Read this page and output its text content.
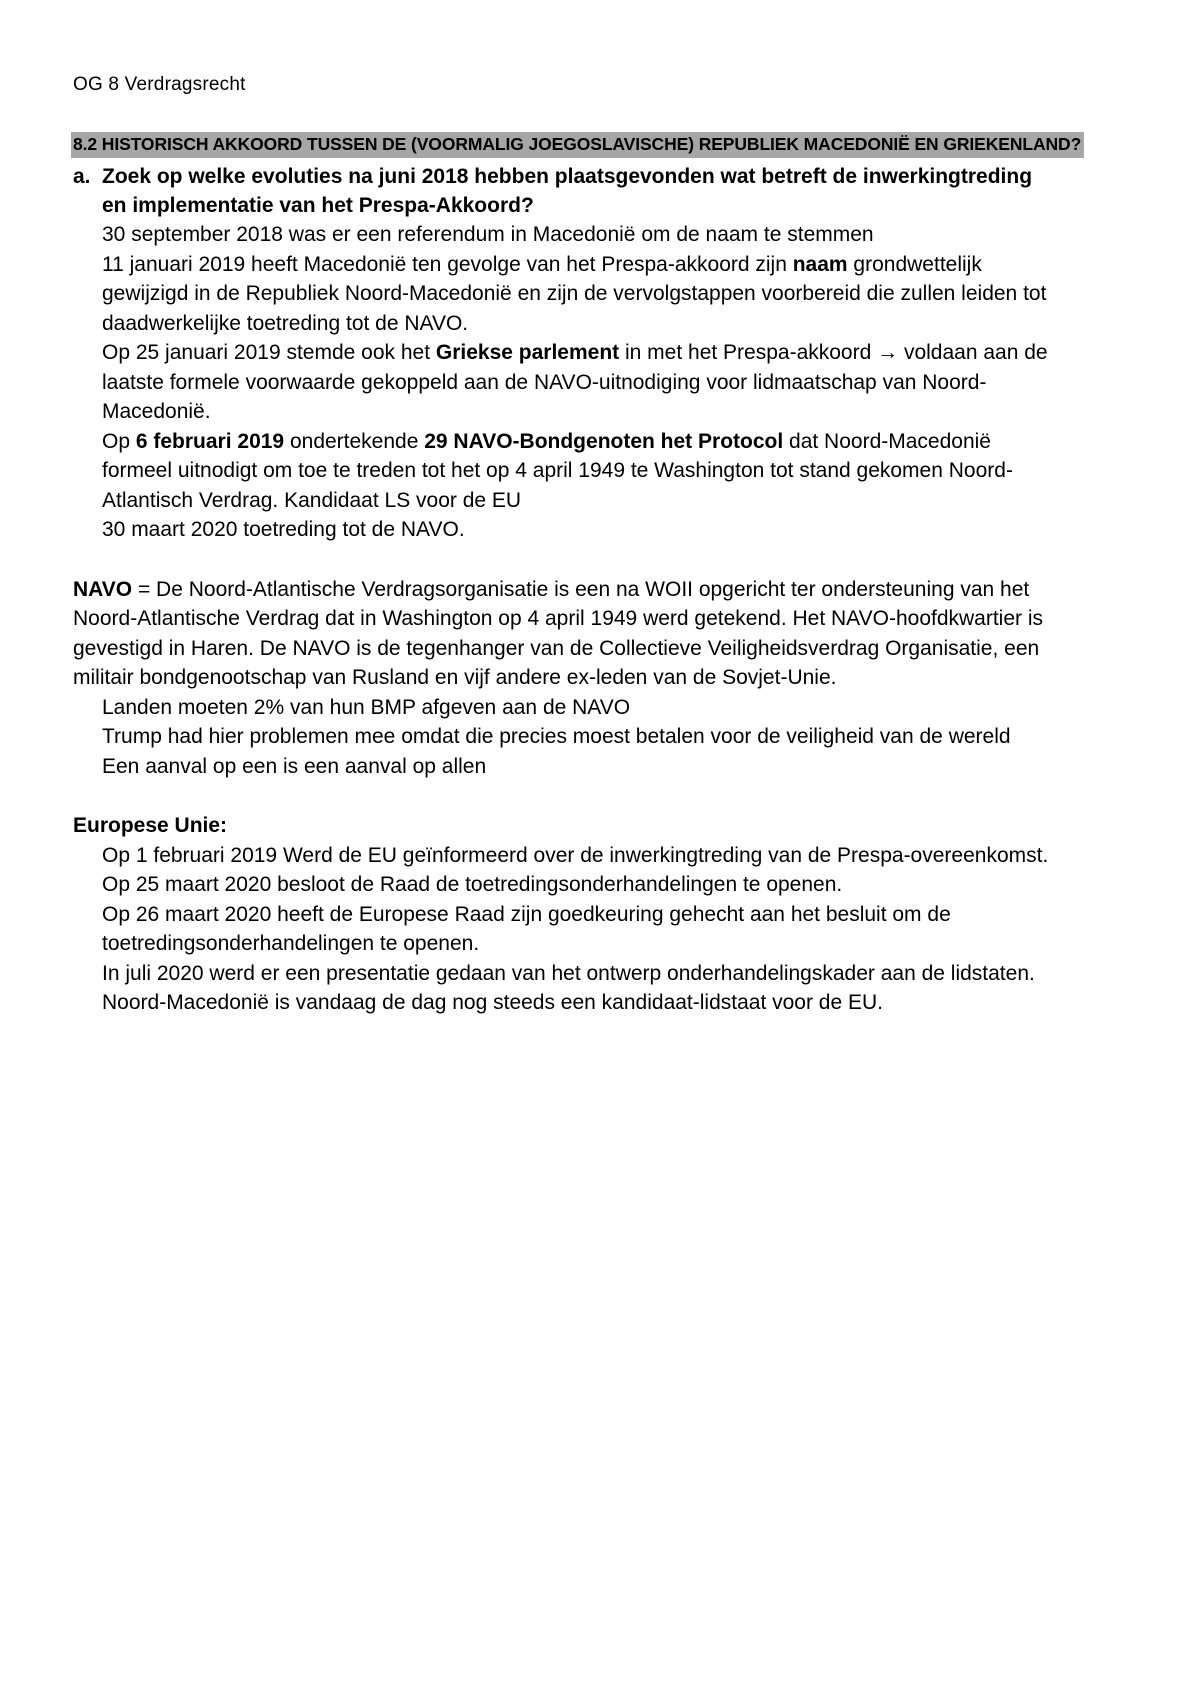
OG 8 Verdragsrecht
8.2 HISTORISCH AKKOORD TUSSEN DE (VOORMALIG JOEGOSLAVISCHE) REPUBLIEK MACEDONIË EN GRIEKENLAND?
a. Zoek op welke evoluties na juni 2018 hebben plaatsgevonden wat betreft de inwerkingtreding en implementatie van het Prespa-Akkoord?
30 september 2018 was er een referendum in Macedonië om de naam te stemmen
11 januari 2019 heeft Macedonië ten gevolge van het Prespa-akkoord zijn naam grondwettelijk gewijzigd in de Republiek Noord-Macedonië en zijn de vervolgstappen voorbereid die zullen leiden tot daadwerkelijke toetreding tot de NAVO.
Op 25 januari 2019 stemde ook het Griekse parlement in met het Prespa-akkoord → voldaan aan de laatste formele voorwaarde gekoppeld aan de NAVO-uitnodiging voor lidmaatschap van Noord-Macedonië.
Op 6 februari 2019 ondertekende 29 NAVO-Bondgenoten het Protocol dat Noord-Macedonië formeel uitnodigt om toe te treden tot het op 4 april 1949 te Washington tot stand gekomen Noord-Atlantisch Verdrag. Kandidaat LS voor de EU
30 maart 2020 toetreding tot de NAVO.
NAVO = De Noord-Atlantische Verdragsorganisatie is een na WOII opgericht ter ondersteuning van het Noord-Atlantische Verdrag dat in Washington op 4 april 1949 werd getekend. Het NAVO-hoofdkwartier is gevestigd in Haren. De NAVO is de tegenhanger van de Collectieve Veiligheidsverdrag Organisatie, een militair bondgenootschap van Rusland en vijf andere ex-leden van de Sovjet-Unie.
Landen moeten 2% van hun BMP afgeven aan de NAVO
Trump had hier problemen mee omdat die precies moest betalen voor de veiligheid van de wereld
Een aanval op een is een aanval op allen
Europese Unie:
Op 1 februari 2019 Werd de EU geïnformeerd over de inwerkingtreding van de Prespa-overeenkomst.
Op 25 maart 2020 besloot de Raad de toetredingsonderhandelingen te openen.
Op 26 maart 2020 heeft de Europese Raad zijn goedkeuring gehecht aan het besluit om de toetredingsonderhandelingen te openen.
In juli 2020 werd er een presentatie gedaan van het ontwerp onderhandelingskader aan de lidstaten.
Noord-Macedonië is vandaag de dag nog steeds een kandidaat-lidstaat voor de EU.
